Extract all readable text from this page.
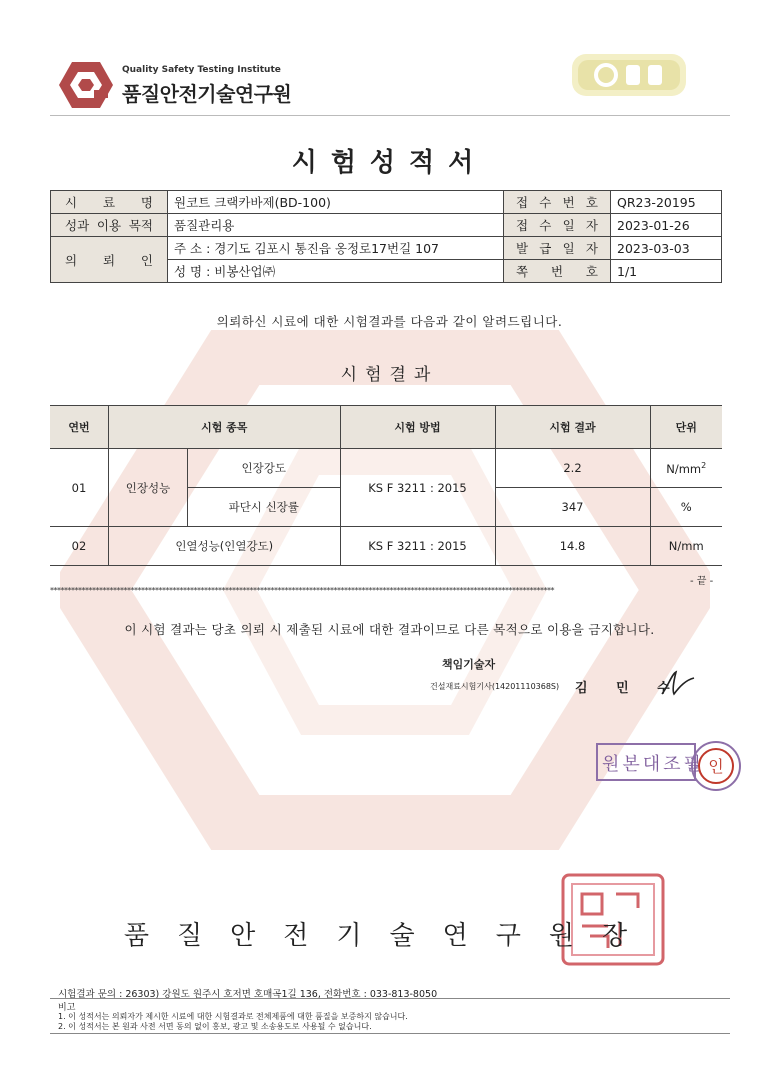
Quality Safety Testing Institute
품질안전기술연구원
시험성적서
시 료 명	원코트 크랙카바제(BD-100)	접 수 번 호	QR23-20195
성과 이용 목적	품질관리용	접 수 일 자	2023-01-26
의 뢰 인	주 소 : 경기도 김포시 통진읍 옹정로17번길 107	발 급 일 자	2023-03-03
	성 명 : 비봉산업㈜	쪽 번 호	1/1
의뢰하신 시료에 대한 시험결과를 다음과 같이 알려드립니다.
시험결과
연번	시험 종목		시험 방법	시험 결과	단위
01	인장성능	인장강도	KS F 3211 : 2015	2.2	$N/mm^2$
		파단시 신장률		347	%
02	인열성능(인열강도)		KS F 3211 : 2015	14.8	N/mm
- 끝 -
************************************************************************************************************************************************
이 시험 결과는 당초 의뢰 시 제출된 시료에 대한 결과이므로 다른 목적으로 이용을 금지합니다.
책임기술자
건설재료시험기사(14201110368S) 김 민 수
원본대조필 인
품질안전기술연구원장
시험결과 문의 : 26303) 강원도 원주시 호저면 호매곡1길 136, 전화번호 : 033-813-8050
비고
1. 이 성적서는 의뢰자가 제시한 시료에 대한 시험결과로 전체제품에 대한 품질을 보증하지 않습니다.
2. 이 성적서는 본 원과 사전 서면 동의 없이 홍보, 광고 및 소송용도로 사용될 수 없습니다.
